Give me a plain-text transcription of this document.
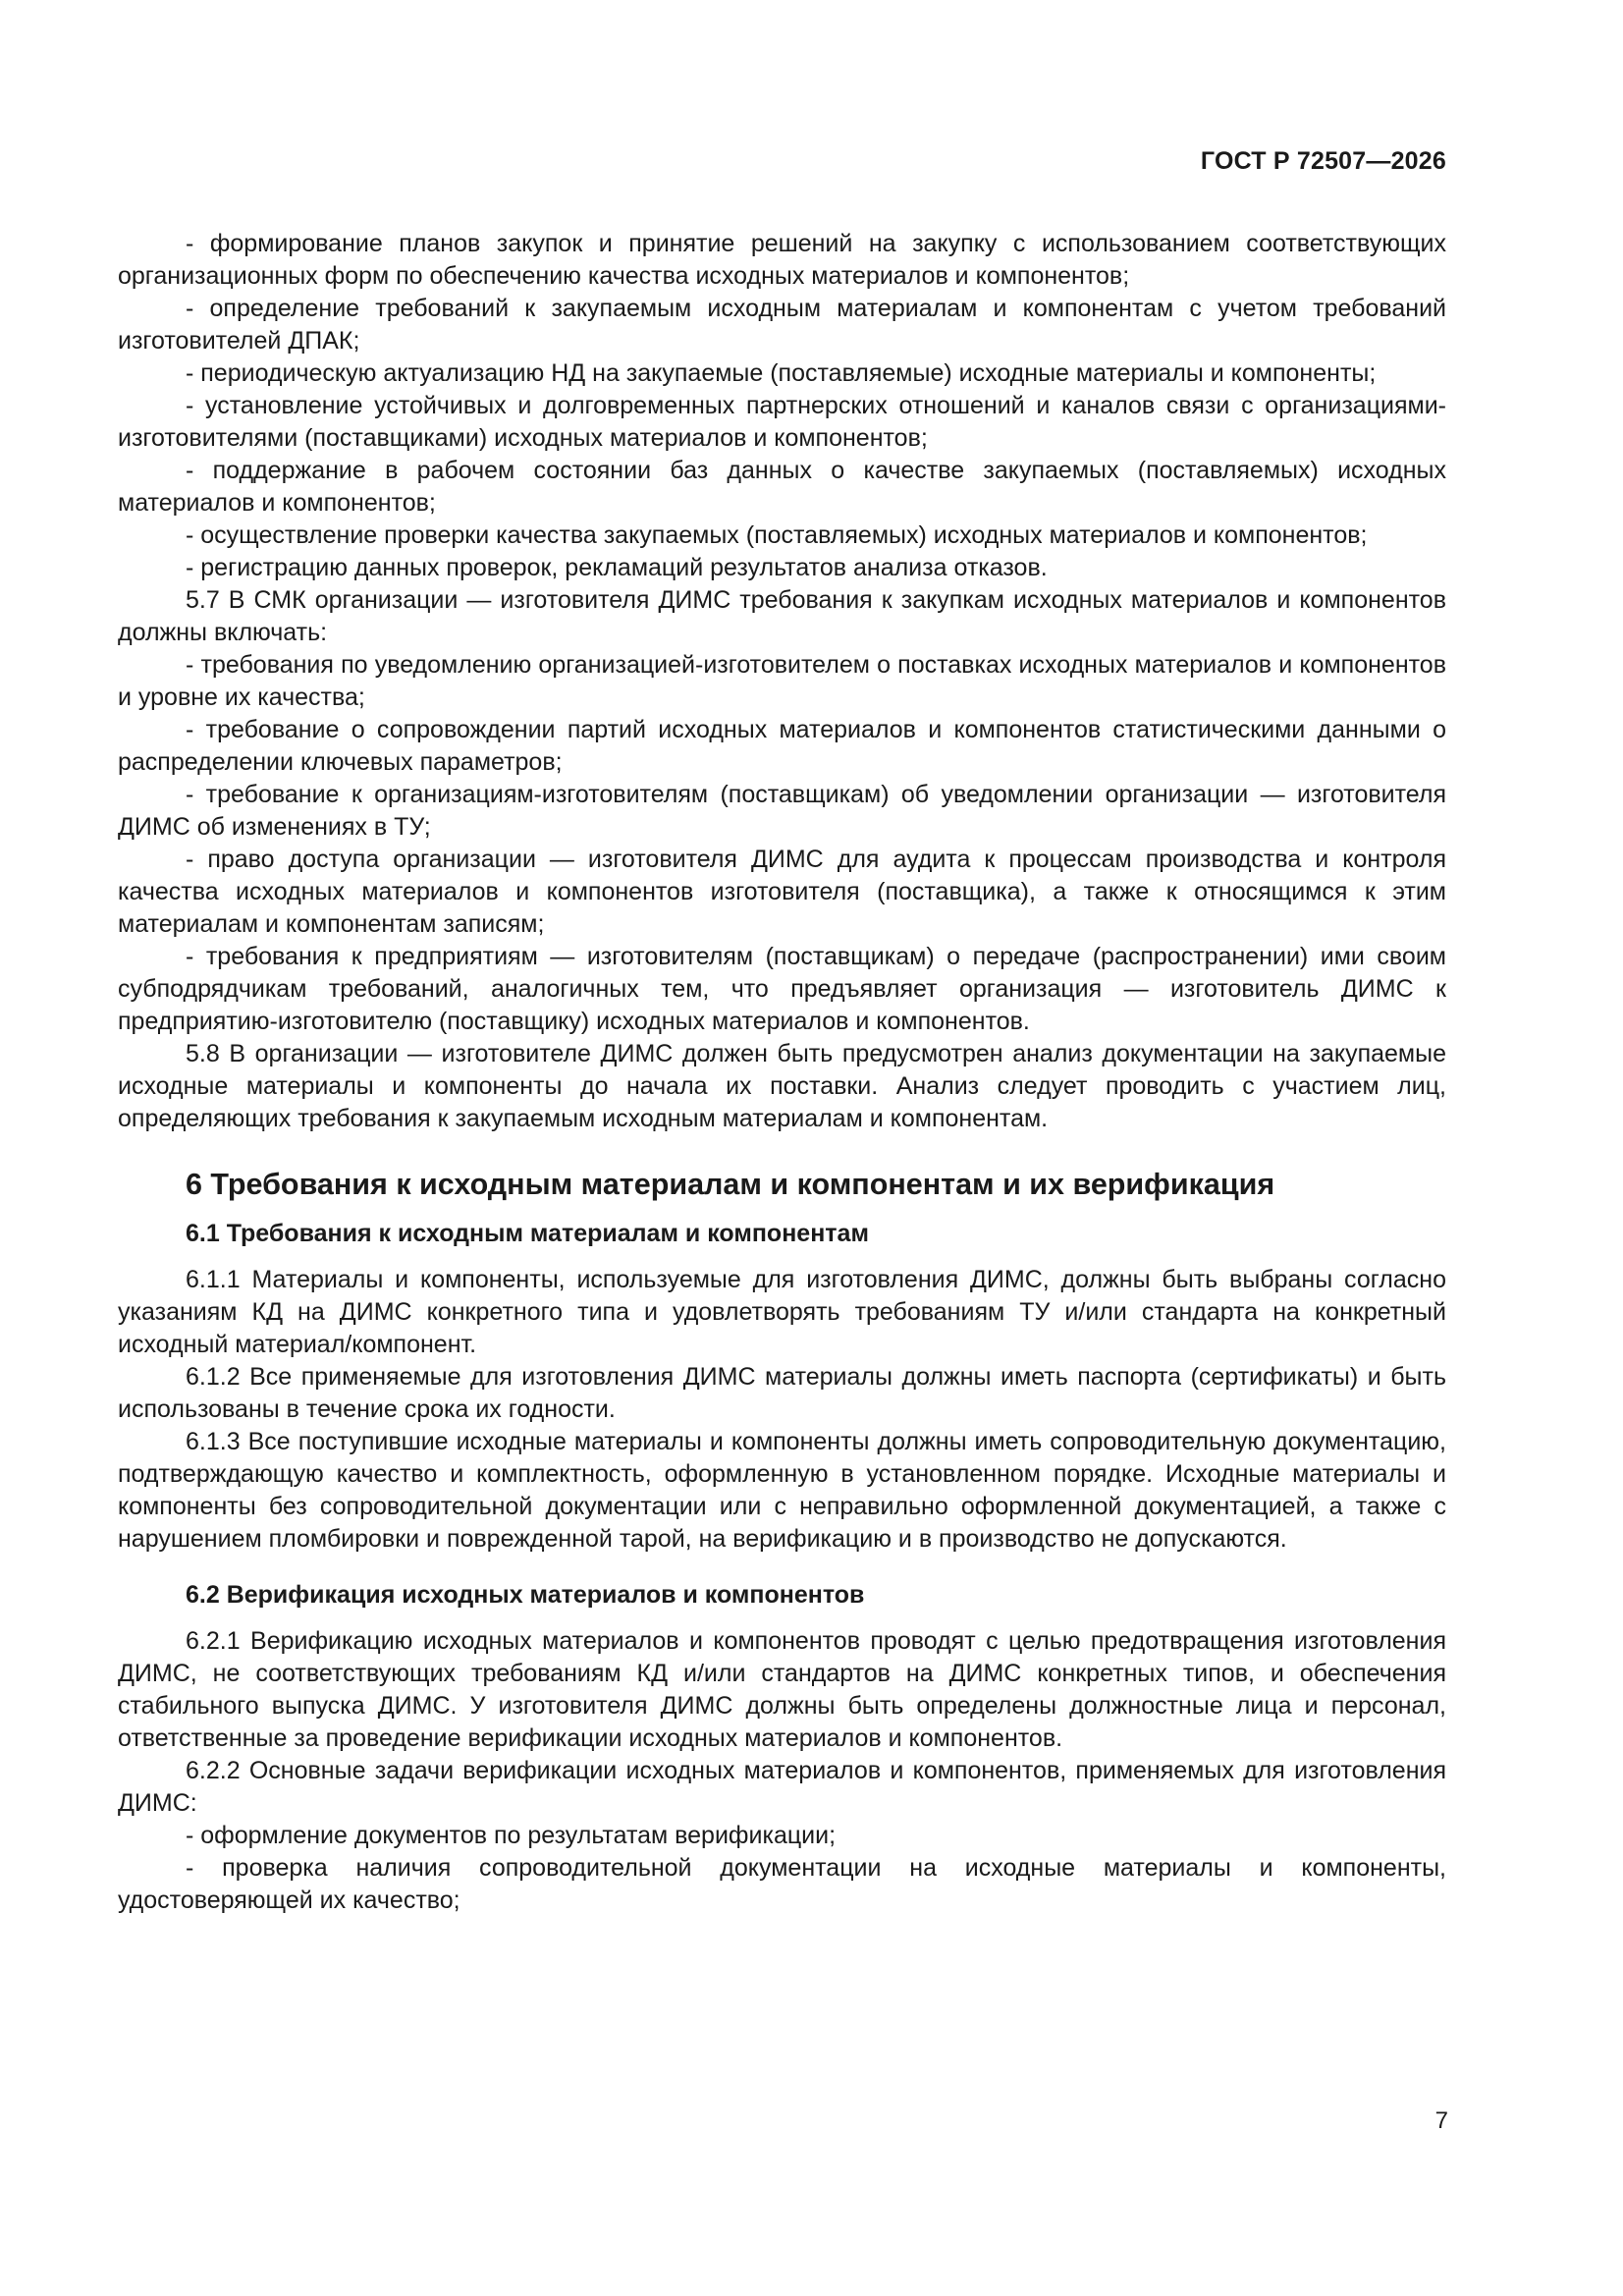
ГОСТ Р 72507—2026

- формирование планов закупок и принятие решений на закупку с использованием соответствующих организационных форм по обеспечению качества исходных материалов и компонентов;

- определение требований к закупаемым исходным материалам и компонентам с учетом требований изготовителей ДПАК;

- периодическую актуализацию НД на закупаемые (поставляемые) исходные материалы и компоненты;

- установление устойчивых и долговременных партнерских отношений и каналов связи с организациями-изготовителями (поставщиками) исходных материалов и компонентов;

- поддержание в рабочем состоянии баз данных о качестве закупаемых (поставляемых) исходных материалов и компонентов;

- осуществление проверки качества закупаемых (поставляемых) исходных материалов и компонентов;

- регистрацию данных проверок, рекламаций результатов анализа отказов.

5.7 В СМК организации — изготовителя ДИМС требования к закупкам исходных материалов и компонентов должны включать:

- требования по уведомлению организацией-изготовителем о поставках исходных материалов и компонентов и уровне их качества;

- требование о сопровождении партий исходных материалов и компонентов статистическими данными о распределении ключевых параметров;

- требование к организациям-изготовителям (поставщикам) об уведомлении организации — изготовителя ДИМС об изменениях в ТУ;

- право доступа организации — изготовителя ДИМС для аудита к процессам производства и контроля качества исходных материалов и компонентов изготовителя (поставщика), а также к относящимся к этим материалам и компонентам записям;

- требования к предприятиям — изготовителям (поставщикам) о передаче (распространении) ими своим субподрядчикам требований, аналогичных тем, что предъявляет организация — изготовитель ДИМС к предприятию-изготовителю (поставщику) исходных материалов и компонентов.

5.8 В организации — изготовителе ДИМС должен быть предусмотрен анализ документации на закупаемые исходные материалы и компоненты до начала их поставки. Анализ следует проводить с участием лиц, определяющих требования к закупаемым исходным материалам и компонентам.

6 Требования к исходным материалам и компонентам и их верификация
6.1 Требования к исходным материалам и компонентам

6.1.1 Материалы и компоненты, используемые для изготовления ДИМС, должны быть выбраны согласно указаниям КД на ДИМС конкретного типа и удовлетворять требованиям ТУ и/или стандарта на конкретный исходный материал/компонент.

6.1.2 Все применяемые для изготовления ДИМС материалы должны иметь паспорта (сертификаты) и быть использованы в течение срока их годности.

6.1.3 Все поступившие исходные материалы и компоненты должны иметь сопроводительную документацию, подтверждающую качество и комплектность, оформленную в установленном порядке. Исходные материалы и компоненты без сопроводительной документации или с неправильно оформленной документацией, а также с нарушением пломбировки и поврежденной тарой, на верификацию и в производство не допускаются.

6.2 Верификация исходных материалов и компонентов

6.2.1 Верификацию исходных материалов и компонентов проводят с целью предотвращения изготовления ДИМС, не соответствующих требованиям КД и/или стандартов на ДИМС конкретных типов, и обеспечения стабильного выпуска ДИМС. У изготовителя ДИМС должны быть определены должностные лица и персонал, ответственные за проведение верификации исходных материалов и компонентов.

6.2.2 Основные задачи верификации исходных материалов и компонентов, применяемых для изготовления ДИМС:

- оформление документов по результатам верификации;

- проверка наличия сопроводительной документации на исходные материалы и компоненты, удостоверяющей их качество;

7
